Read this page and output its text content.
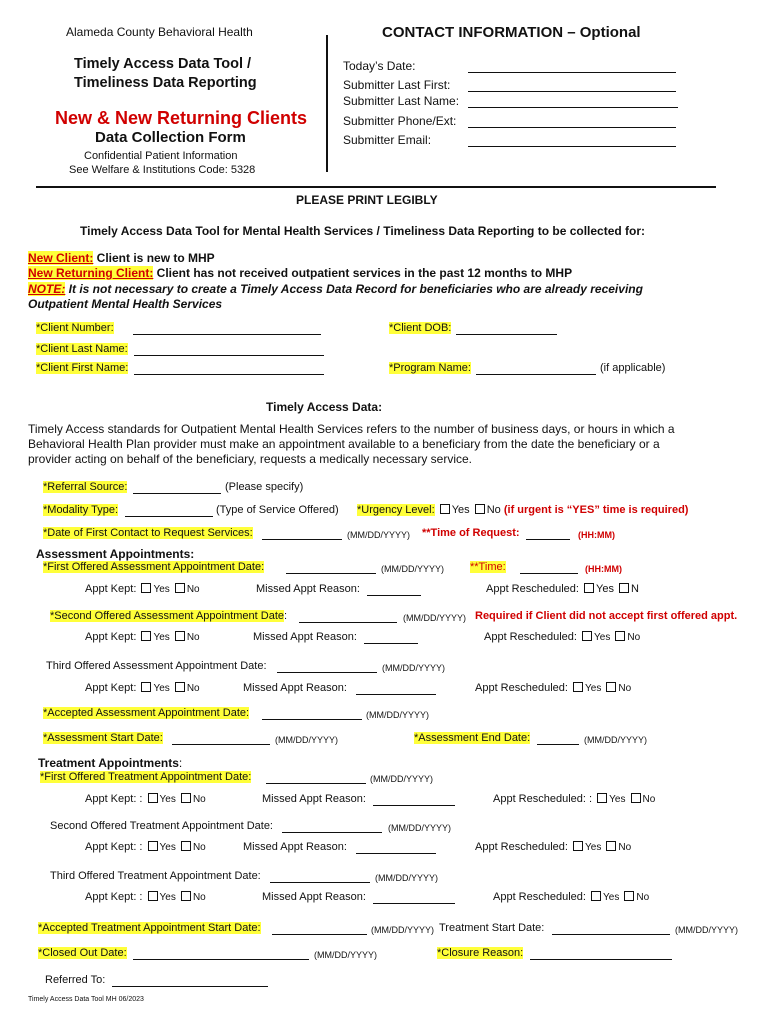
Alameda County Behavioral Health
Timely Access Data Tool /
Timeliness Data Reporting
New & New Returning Clients
Data Collection Form
Confidential Patient Information
See Welfare & Institutions Code: 5328
CONTACT INFORMATION – Optional
Today’s Date:
Submitter Last First:
Submitter Last Name:
Submitter Phone/Ext:
Submitter Email:
PLEASE PRINT LEGIBLY
Timely Access Data Tool for Mental Health Services / Timeliness Data Reporting to be collected for:
New Client: Client is new to MHP
New Returning Client: Client has not received outpatient services in the past 12 months to MHP
NOTE: It is not necessary to create a Timely Access Data Record for beneficiaries who are already receiving
Outpatient Mental Health Services
*Client Number:	*Client DOB:
*Client Last Name:
*Client First Name:	*Program Name:	(if applicable)
Timely Access Data:
Timely Access standards for Outpatient Mental Health Services refers to the number of business days, or hours in which a
Behavioral Health Plan provider must make an appointment available to a beneficiary from the date the beneficiary or a
provider acting on behalf of the beneficiary, requests a medically necessary service.
*Referral Source:	(Please specify)
*Modality Type:	(Type of Service Offered) *Urgency Level: Yes No (if urgent is “YES” time is required)
*Date of First Contact to Request Services:	(MM/DD/YYYY) **Time of Request:	(HH:MM)
Assessment Appointments:
*First Offered Assessment Appointment Date:	(MM/DD/YYYY) **Time:	(HH:MM)
Appt Kept: Yes No	Missed Appt Reason:	Appt Rescheduled: Yes N
*Second Offered Assessment Appointment Date:	(MM/DD/YYYY) Required if Client did not accept first offered appt.
Appt Kept: Yes No	Missed Appt Reason:	Appt Rescheduled: Yes No
Third Offered Assessment Appointment Date:	(MM/DD/YYYY)
Appt Kept: Yes No	Missed Appt Reason:	Appt Rescheduled: Yes No
*Accepted Assessment Appointment Date:	(MM/DD/YYYY)
*Assessment Start Date:	(MM/DD/YYYY)	*Assessment End Date:	(MM/DD/YYYY)
Treatment Appointments:
*First Offered Treatment Appointment Date:	(MM/DD/YYYY)
Appt Kept: : Yes No	Missed Appt Reason:	Appt Rescheduled: : Yes No
Second Offered Treatment Appointment Date:	(MM/DD/YYYY)
Appt Kept: : Yes No	Missed Appt Reason:	Appt Rescheduled: Yes No
Third Offered Treatment Appointment Date:	(MM/DD/YYYY)
Appt Kept: : Yes No	Missed Appt Reason:	Appt Rescheduled: Yes No
*Accepted Treatment Appointment Start Date:	(MM/DD/YYYY) Treatment Start Date:	(MM/DD/YYYY)
*Closed Out Date:	(MM/DD/YYYY)	*Closure Reason:
Referred To:
Timely Access Data Tool MH 06/2023
